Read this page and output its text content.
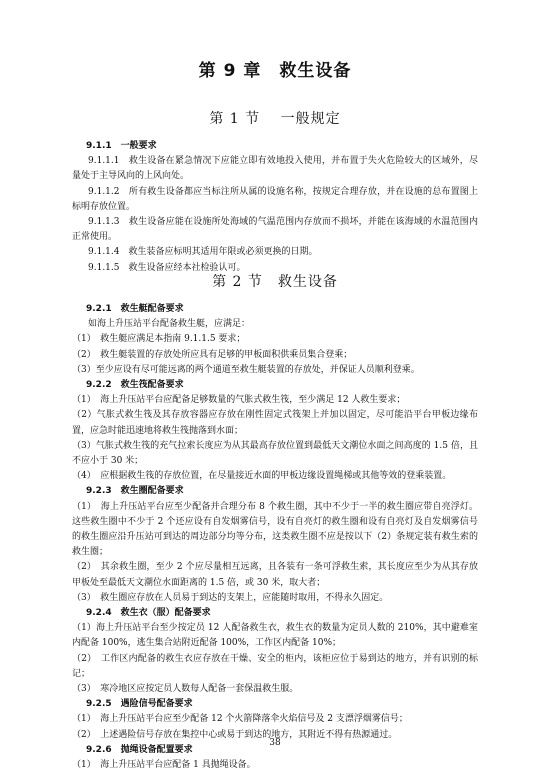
第 9 章　救生设备
第 1 节　 一般规定

9.1.1　一般要求

9.1.1.1　救生设备在紧急情况下应能立即有效地投入使用，并布置于失火危险较大的区域外，尽量处于主导风向的上风向处。

9.1.1.2　所有救生设备都应当标注所从属的设施名称，按规定合理存放，并在设施的总布置图上标明存放位置。

9.1.1.3　救生设备应能在设施所处海域的气温范围内存放而不损坏，并能在该海域的水温范围内正常使用。

9.1.1.4　救生装备应标明其适用年限或必须更换的日期。

9.1.1.5　救生设备应经本社检验认可。

第 2 节　救生设备

9.2.1　救生艇配备要求

如海上升压站平台配备救生艇，应满足：

（1）　救生艇应满足本指南 9.1.1.5 要求；

（2）　救生艇装置的存放处所应具有足够的甲板面积供乘员集合登乘；

（3）至少应设有尽可能远离的两个通道至救生艇装置的存放处，并保证人员顺利登乘。

9.2.2　救生筏配备要求

（1）　海上升压站平台应配备足够数量的气胀式救生筏，至少满足 12 人救生要求；

（2）气胀式救生筏及其存放容器应存放在刚性固定式筏架上并加以固定，尽可能沿平台甲板边缘布置，应急时能迅速地将救生筏抛落到水面；

（3）气胀式救生筏的充气拉索长度应为从其最高存放位置到最低天文潮位水面之间高度的 1.5 倍，且不应小于 30 米；

（4）　应根据救生筏的存放位置，在尽量接近水面的甲板边缘设置绳梯或其他等效的登乘装置。

9.2.3　救生圈配备要求

（1）　海上升压站平台应至少配备并合理分布 8 个救生圈，其中不少于一半的救生圈应带自亮浮灯。这些救生圈中不少于 2 个还应设有自发烟雾信号，设有自亮灯的救生圈和设有自亮灯及自发烟雾信号的救生圈应沿升压站可到达的周边部分均等分布，这类救生圈不应是按以下（2）条规定装有救生索的救生圈；

（2）　其余救生圈，至少 2 个应尽量相互远离，且各装有一条可浮救生索，其长度应至少为从其存放甲板处至最低天文潮位水面距离的 1.5 倍，或 30 米，取大者；

（3）　救生圈应存放在人员易于到达的支架上，应能随时取用，不得永久固定。

9.2.4　救生衣（服）配备要求

（1）海上升压站平台至少按定员 12 人配备救生衣，救生衣的数量为定员人数的 210%，其中避难室内配备 100%，逃生集合站附近配备 100%，工作区内配备 10%；

（2）　工作区内配备的救生衣应存放在干燥、安全的柜内，该柜应位于易到达的地方，并有识别的标记；

（3）　寒冷地区应按定员人数每人配备一套保温救生服。

9.2.5　遇险信号配备要求

（1）　海上升压站平台应至少配备 12 个火箭降落伞火焰信号及 2 支漂浮烟雾信号；

（2）　上述遇险信号存放在集控中心或易于到达的地方，其附近不得有热源通过。

9.2.6　抛绳设备配置要求

（1）　海上升压站平台应配备 1 具抛绳设备。

38
